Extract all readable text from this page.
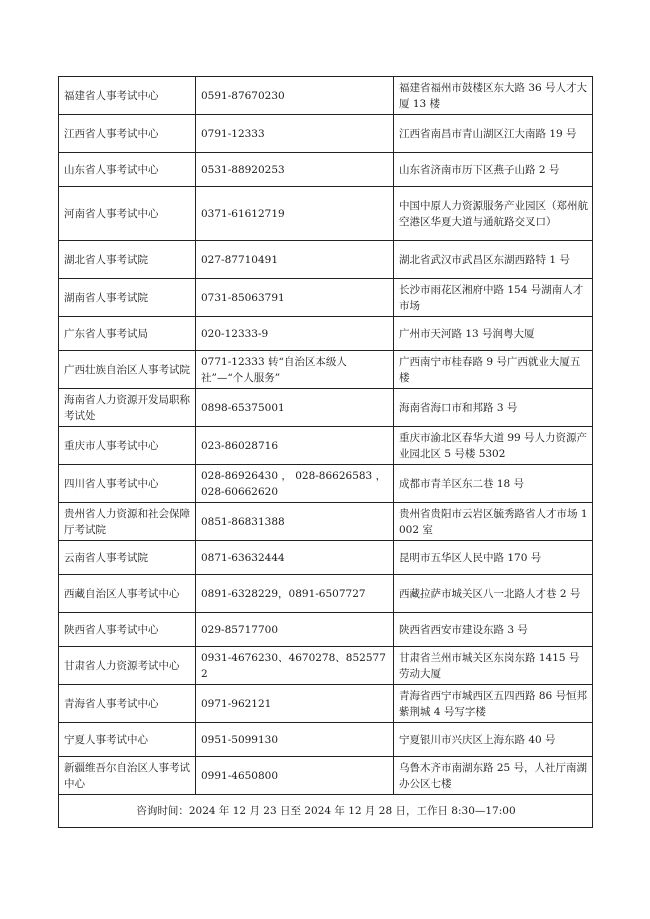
福建省人事考试中心	0591-87670230	福建省福州市鼓楼区东大路 36 号人才大厦 13 楼
江西省人事考试中心	0791-12333	江西省南昌市青山湖区江大南路 19 号
山东省人事考试中心	0531-88920253	山东省济南市历下区燕子山路 2 号
河南省人事考试中心	0371-61612719	中国中原人力资源服务产业园区（郑州航空港区华夏大道与通航路交叉口）
湖北省人事考试院	027-87710491	湖北省武汉市武昌区东湖西路特 1 号
湖南省人事考试院	0731-85063791	长沙市雨花区湘府中路 154 号湖南人才市场
广东省人事考试局	020-12333-9	广州市天河路 13 号润粤大厦
广西壮族自治区人事考试院	0771-12333 转“自治区本级人社”—“个人服务”	广西南宁市桂春路 9 号广西就业大厦五楼
海南省人力资源开发局职称考试处	0898-65375001	海南省海口市和邦路 3 号
重庆市人事考试中心	023-86028716	重庆市渝北区春华大道 99 号人力资源产业园北区 5 号楼 5302
四川省人事考试中心	028-86926430 ， 028-86626583 ， 028-60662620	成都市青羊区东二巷 18 号
贵州省人力资源和社会保障厅考试院	0851-86831388	贵州省贵阳市云岩区毓秀路省人才市场 1002 室
云南省人事考试院	0871-63632444	昆明市五华区人民中路 170 号
西藏自治区人事考试中心	0891-6328229，0891-6507727	西藏拉萨市城关区八一北路人才巷 2 号
陕西省人事考试中心	029-85717700	陕西省西安市建设东路 3 号
甘肃省人力资源考试中心	0931-4676230、4670278、8525772	甘肃省兰州市城关区东岗东路 1415 号劳动大厦
青海省人事考试中心	0971-962121	青海省西宁市城西区五四西路 86 号恒邦紫荆城 4 号写字楼
宁夏人事考试中心	0951-5099130	宁夏银川市兴庆区上海东路 40 号
新疆维吾尔自治区人事考试中心	0991-4650800	乌鲁木齐市南湖东路 25 号，人社厅南湖办公区七楼
咨询时间：2024 年 12 月 23 日至 2024 年 12 月 28 日，工作日 8:30—17:00		
